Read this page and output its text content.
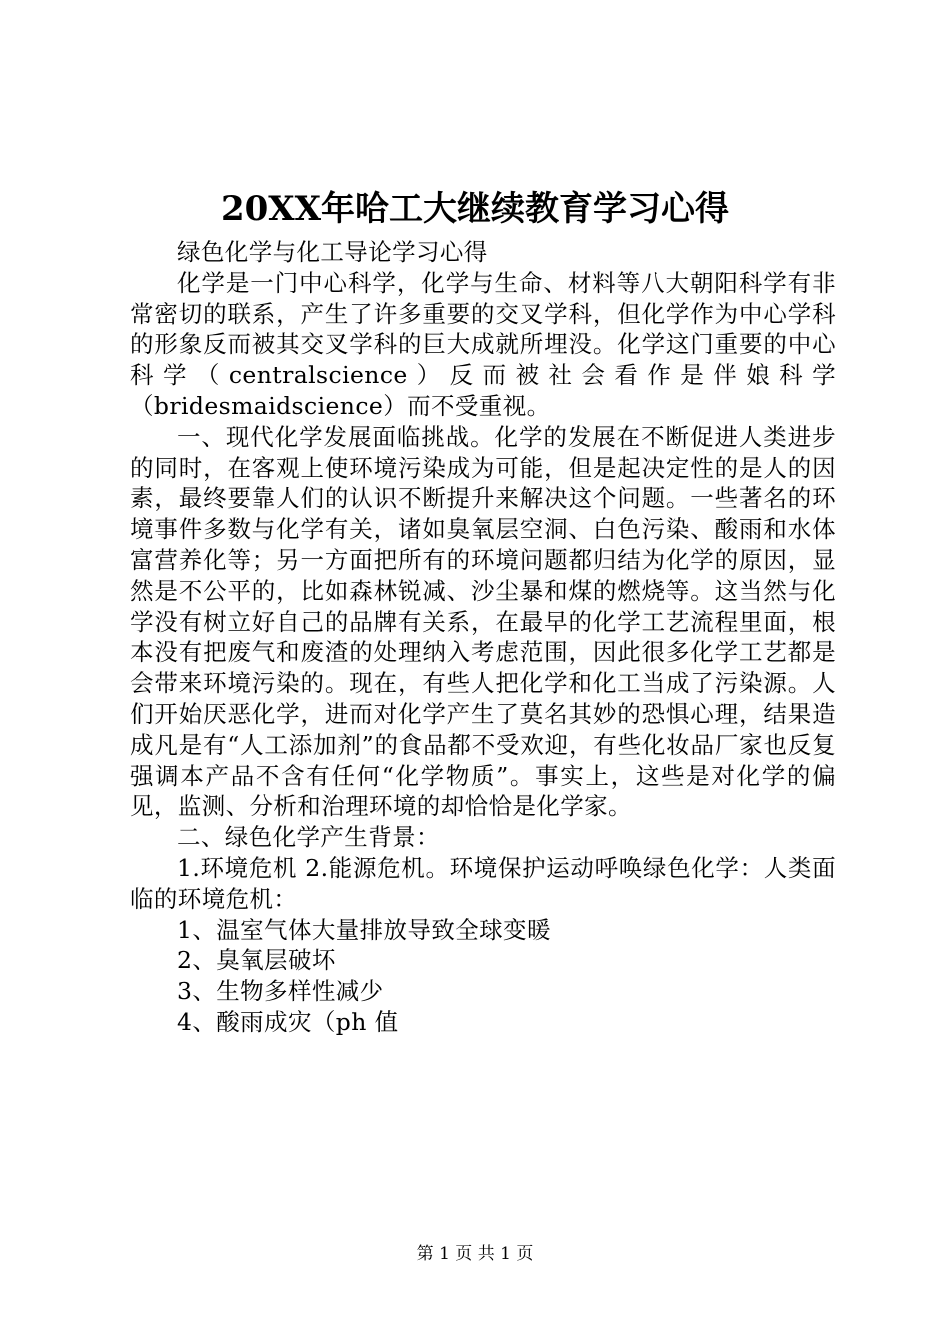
20XX年哈工大继续教育学习心得

绿色化学与化工导论学习心得

化学是一门中心科学，化学与生命、材料等八大朝阳科学有非常密切的联系，产生了许多重要的交叉学科，但化学作为中心学科的形象反而被其交叉学科的巨大成就所埋没。化学这门重要的中心科学（centralscience）反而被社会看作是伴娘科学（bridesmaidscience）而不受重视。

一、现代化学发展面临挑战。化学的发展在不断促进人类进步的同时，在客观上使环境污染成为可能，但是起决定性的是人的因素，最终要靠人们的认识不断提升来解决这个问题。一些著名的环境事件多数与化学有关，诸如臭氧层空洞、白色污染、酸雨和水体富营养化等；另一方面把所有的环境问题都归结为化学的原因，显然是不公平的，比如森林锐减、沙尘暴和煤的燃烧等。这当然与化学没有树立好自己的品牌有关系，在最早的化学工艺流程里面，根本没有把废气和废渣的处理纳入考虑范围，因此很多化学工艺都是会带来环境污染的。现在，有些人把化学和化工当成了污染源。人们开始厌恶化学，进而对化学产生了莫名其妙的恐惧心理，结果造成凡是有“人工添加剂”的食品都不受欢迎，有些化妆品厂家也反复强调本产品不含有任何“化学物质”。事实上，这些是对化学的偏见，监测、分析和治理环境的却恰恰是化学家。

二、绿色化学产生背景：

1.环境危机 2.能源危机。环境保护运动呼唤绿色化学：人类面临的环境危机：

1、温室气体大量排放导致全球变暖

2、臭氧层破坏

3、生物多样性减少

4、酸雨成灾（ph 值

第 1 页 共 1 页
